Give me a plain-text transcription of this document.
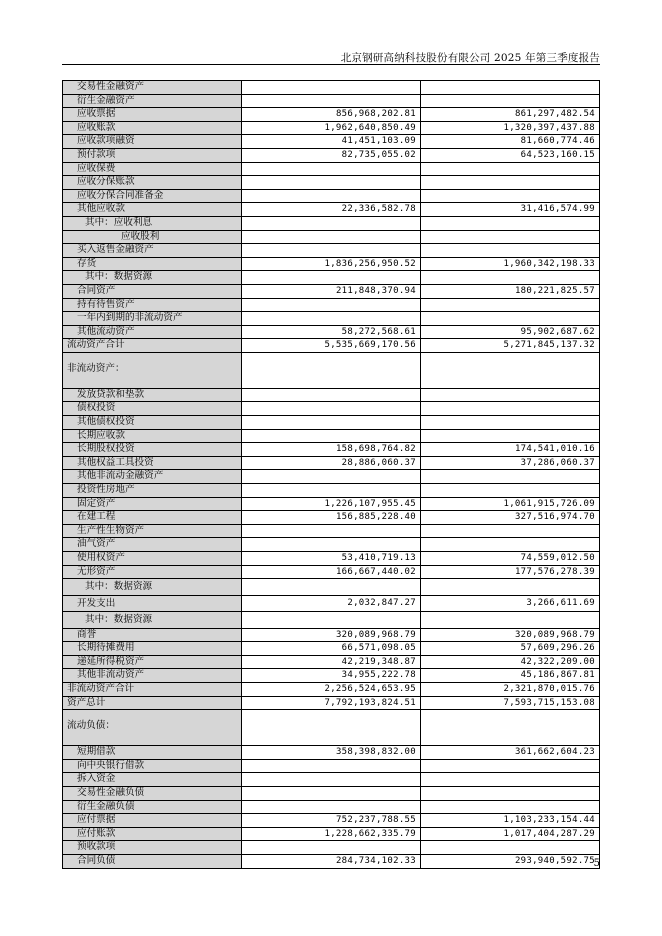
北京钢研高纳科技股份有限公司 2025 年第三季度报告
交易性金融资产		
衍生金融资产		
应收票据	856,968,202.81	861,297,482.54
应收账款	1,962,640,850.49	1,320,397,437.88
应收款项融资	41,451,103.09	81,660,774.46
预付款项	82,735,055.02	64,523,160.15
应收保费		
应收分保账款		
应收分保合同准备金		
其他应收款	22,336,582.78	31,416,574.99
其中：应收利息		
应收股利		
买入返售金融资产		
存货	1,836,256,950.52	1,960,342,198.33
其中：数据资源		
合同资产	211,848,370.94	180,221,825.57
持有待售资产		
一年内到期的非流动资产		
其他流动资产	58,272,568.61	95,902,687.62
流动资产合计	5,535,669,170.56	5,271,845,137.32
非流动资产：		
发放贷款和垫款		
债权投资		
其他债权投资		
长期应收款		
长期股权投资	158,698,764.82	174,541,010.16
其他权益工具投资	28,886,060.37	37,286,060.37
其他非流动金融资产		
投资性房地产		
固定资产	1,226,107,955.45	1,061,915,726.09
在建工程	156,885,228.40	327,516,974.70
生产性生物资产		
油气资产		
使用权资产	53,410,719.13	74,559,012.50
无形资产	166,667,440.02	177,576,278.39
其中：数据资源		
开发支出	2,032,847.27	3,266,611.69
其中：数据资源		
商誉	320,089,968.79	320,089,968.79
长期待摊费用	66,571,098.05	57,609,296.26
递延所得税资产	42,219,348.87	42,322,209.00
其他非流动资产	34,955,222.78	45,186,867.81
非流动资产合计	2,256,524,653.95	2,321,870,015.76
资产总计	7,792,193,824.51	7,593,715,153.08
流动负债：		
短期借款	358,398,832.00	361,662,604.23
向中央银行借款		
拆入资金		
交易性金融负债		
衍生金融负债		
应付票据	752,237,788.55	1,103,233,154.44
应付账款	1,228,662,335.79	1,017,404,287.29
预收款项		
合同负债	284,734,102.33	293,940,592.75
5
